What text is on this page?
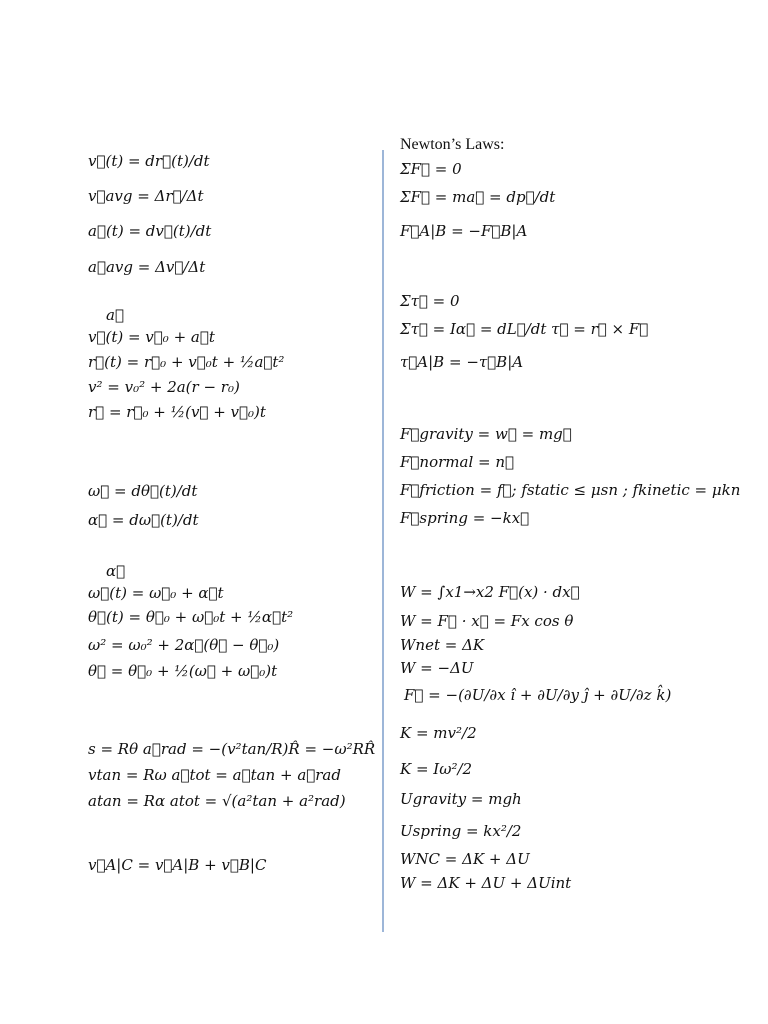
v⃗(t) = dr⃗(t)/dt
v⃗avg = Δr⃗/Δt
a⃗(t) = dv⃗(t)/dt
a⃗avg = Δv⃗/Δt
a⃗
v⃗(t) = v⃗₀ + a⃗t
r⃗(t) = r⃗₀ + v⃗₀t + ½a⃗t²
v² = v₀² + 2a(r − r₀)
r⃗ = r⃗₀ + ½(v⃗ + v⃗₀)t
ω⃗ = dθ⃗(t)/dt
α⃗ = dω⃗(t)/dt
α⃗
ω⃗(t) = ω⃗₀ + α⃗t
θ⃗(t) = θ⃗₀ + ω⃗₀t + ½α⃗t²
ω² = ω₀² + 2α⃗(θ⃗ − θ⃗₀)
θ⃗ = θ⃗₀ + ½(ω⃗ + ω⃗₀)t
s = Rθ a⃗rad = −(v²tan/R)R̂ = −ω²RR̂
vtan = Rω a⃗tot = a⃗tan + a⃗rad
atan = Rα atot = √(a²tan + a²rad)
v⃗A|C = v⃗A|B + v⃗B|C
Newton’s Laws:
ΣF⃗ = 0
ΣF⃗ = ma⃗ = dp⃗/dt
F⃗A|B = −F⃗B|A
Στ⃗ = 0
Στ⃗ = Iα⃗ = dL⃗/dt τ⃗ = r⃗ × F⃗
τ⃗A|B = −τ⃗B|A
F⃗gravity = w⃗ = mg⃗
F⃗normal = n⃗
F⃗friction = f⃗; fstatic ≤ μsn ; fkinetic = μkn
F⃗spring = −kx⃗
W = ∫x1→x2 F⃗(x) · dx⃗
W = F⃗ · x⃗ = Fx cos θ
Wnet = ΔK
W = −ΔU
F⃗ = −(∂U/∂x î + ∂U/∂y ĵ + ∂U/∂z k̂)
K = mv²/2
K = Iω²/2
Ugravity = mgh
Uspring = kx²/2
WNC = ΔK + ΔU
W = ΔK + ΔU + ΔUint
